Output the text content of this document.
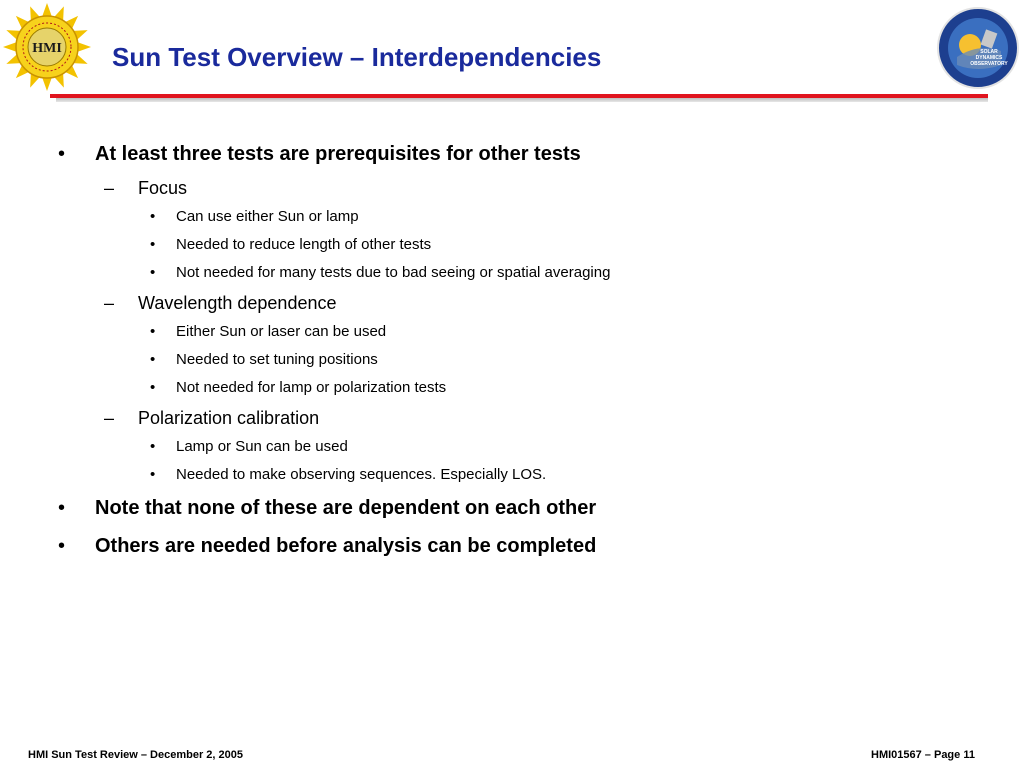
HMI	SOLAR
DYNAMICS
OBSERVATORY
Sun Test Overview – Interdependencies
• At least three tests are prerequisites for other tests
– Focus
• Can use either Sun or lamp
• Needed to reduce length of other tests
• Not needed for many tests due to bad seeing or spatial averaging
– Wavelength dependence
• Either Sun or laser can be used
• Needed to set tuning positions
• Not needed for lamp or polarization tests
– Polarization calibration
• Lamp or Sun can be used
• Needed to make observing sequences. Especially LOS.
• Note that none of these are dependent on each other
• Others are needed before analysis can be completed
HMI Sun Test Review – December 2, 2005	HMI01567 – Page 11
